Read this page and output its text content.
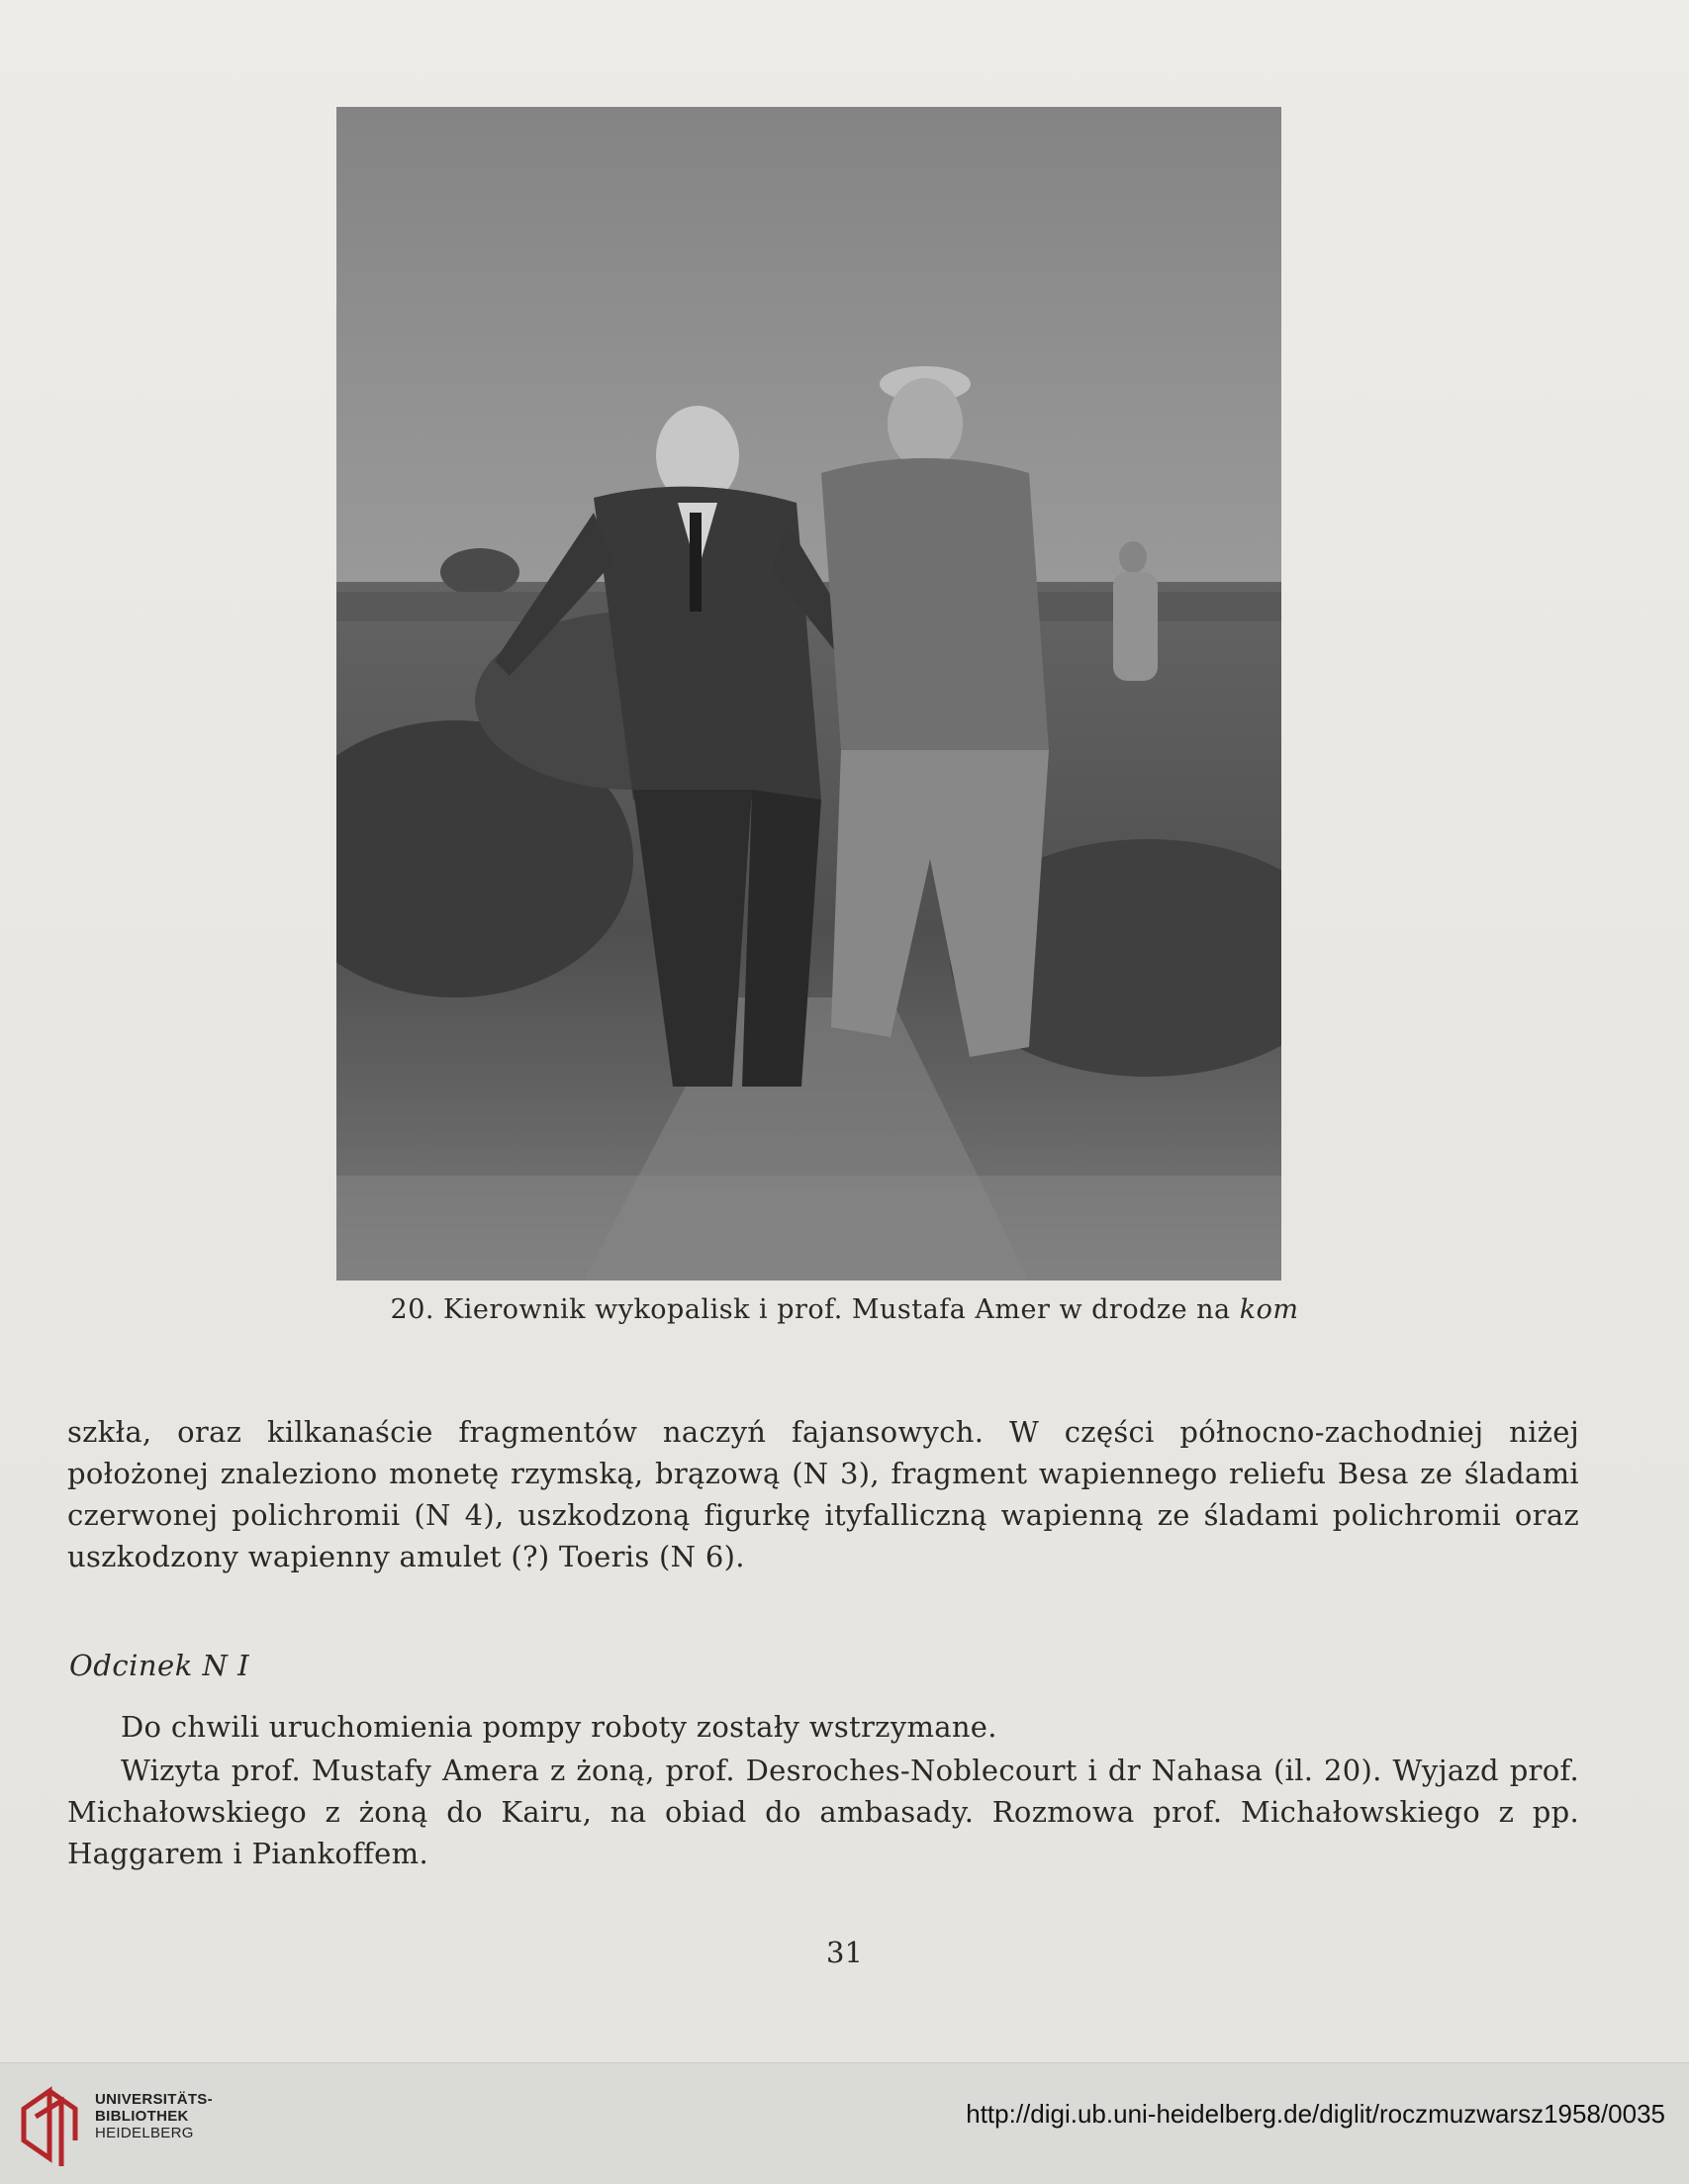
20. Kierownik wykopalisk i prof. Mustafa Amer w drodze na kom
szkła, oraz kilkanaście fragmentów naczyń fajansowych. W części północno-zachodniej niżej położonej znaleziono monetę rzymską, brązową (N 3), fragment wapiennego reliefu Besa ze śladami czerwonej polichromii (N 4), uszkodzoną figurkę ityfalliczną wapienną ze śladami polichromii oraz uszkodzony wapienny amulet (?) Toeris (N 6).
Odcinek N I
Do chwili uruchomienia pompy roboty zostały wstrzymane.
Wizyta prof. Mustafy Amera z żoną, prof. Desroches-Noblecourt i dr Nahasa (il. 20). Wyjazd prof. Michałowskiego z żoną do Kairu, na obiad do ambasady. Rozmowa prof. Michałowskiego z pp. Haggarem i Piankoffem.
31
UNIVERSITÄTS-
BIBLIOTHEK
HEIDELBERG
http://digi.ub.uni-heidelberg.de/diglit/roczmuzwarsz1958/0035
